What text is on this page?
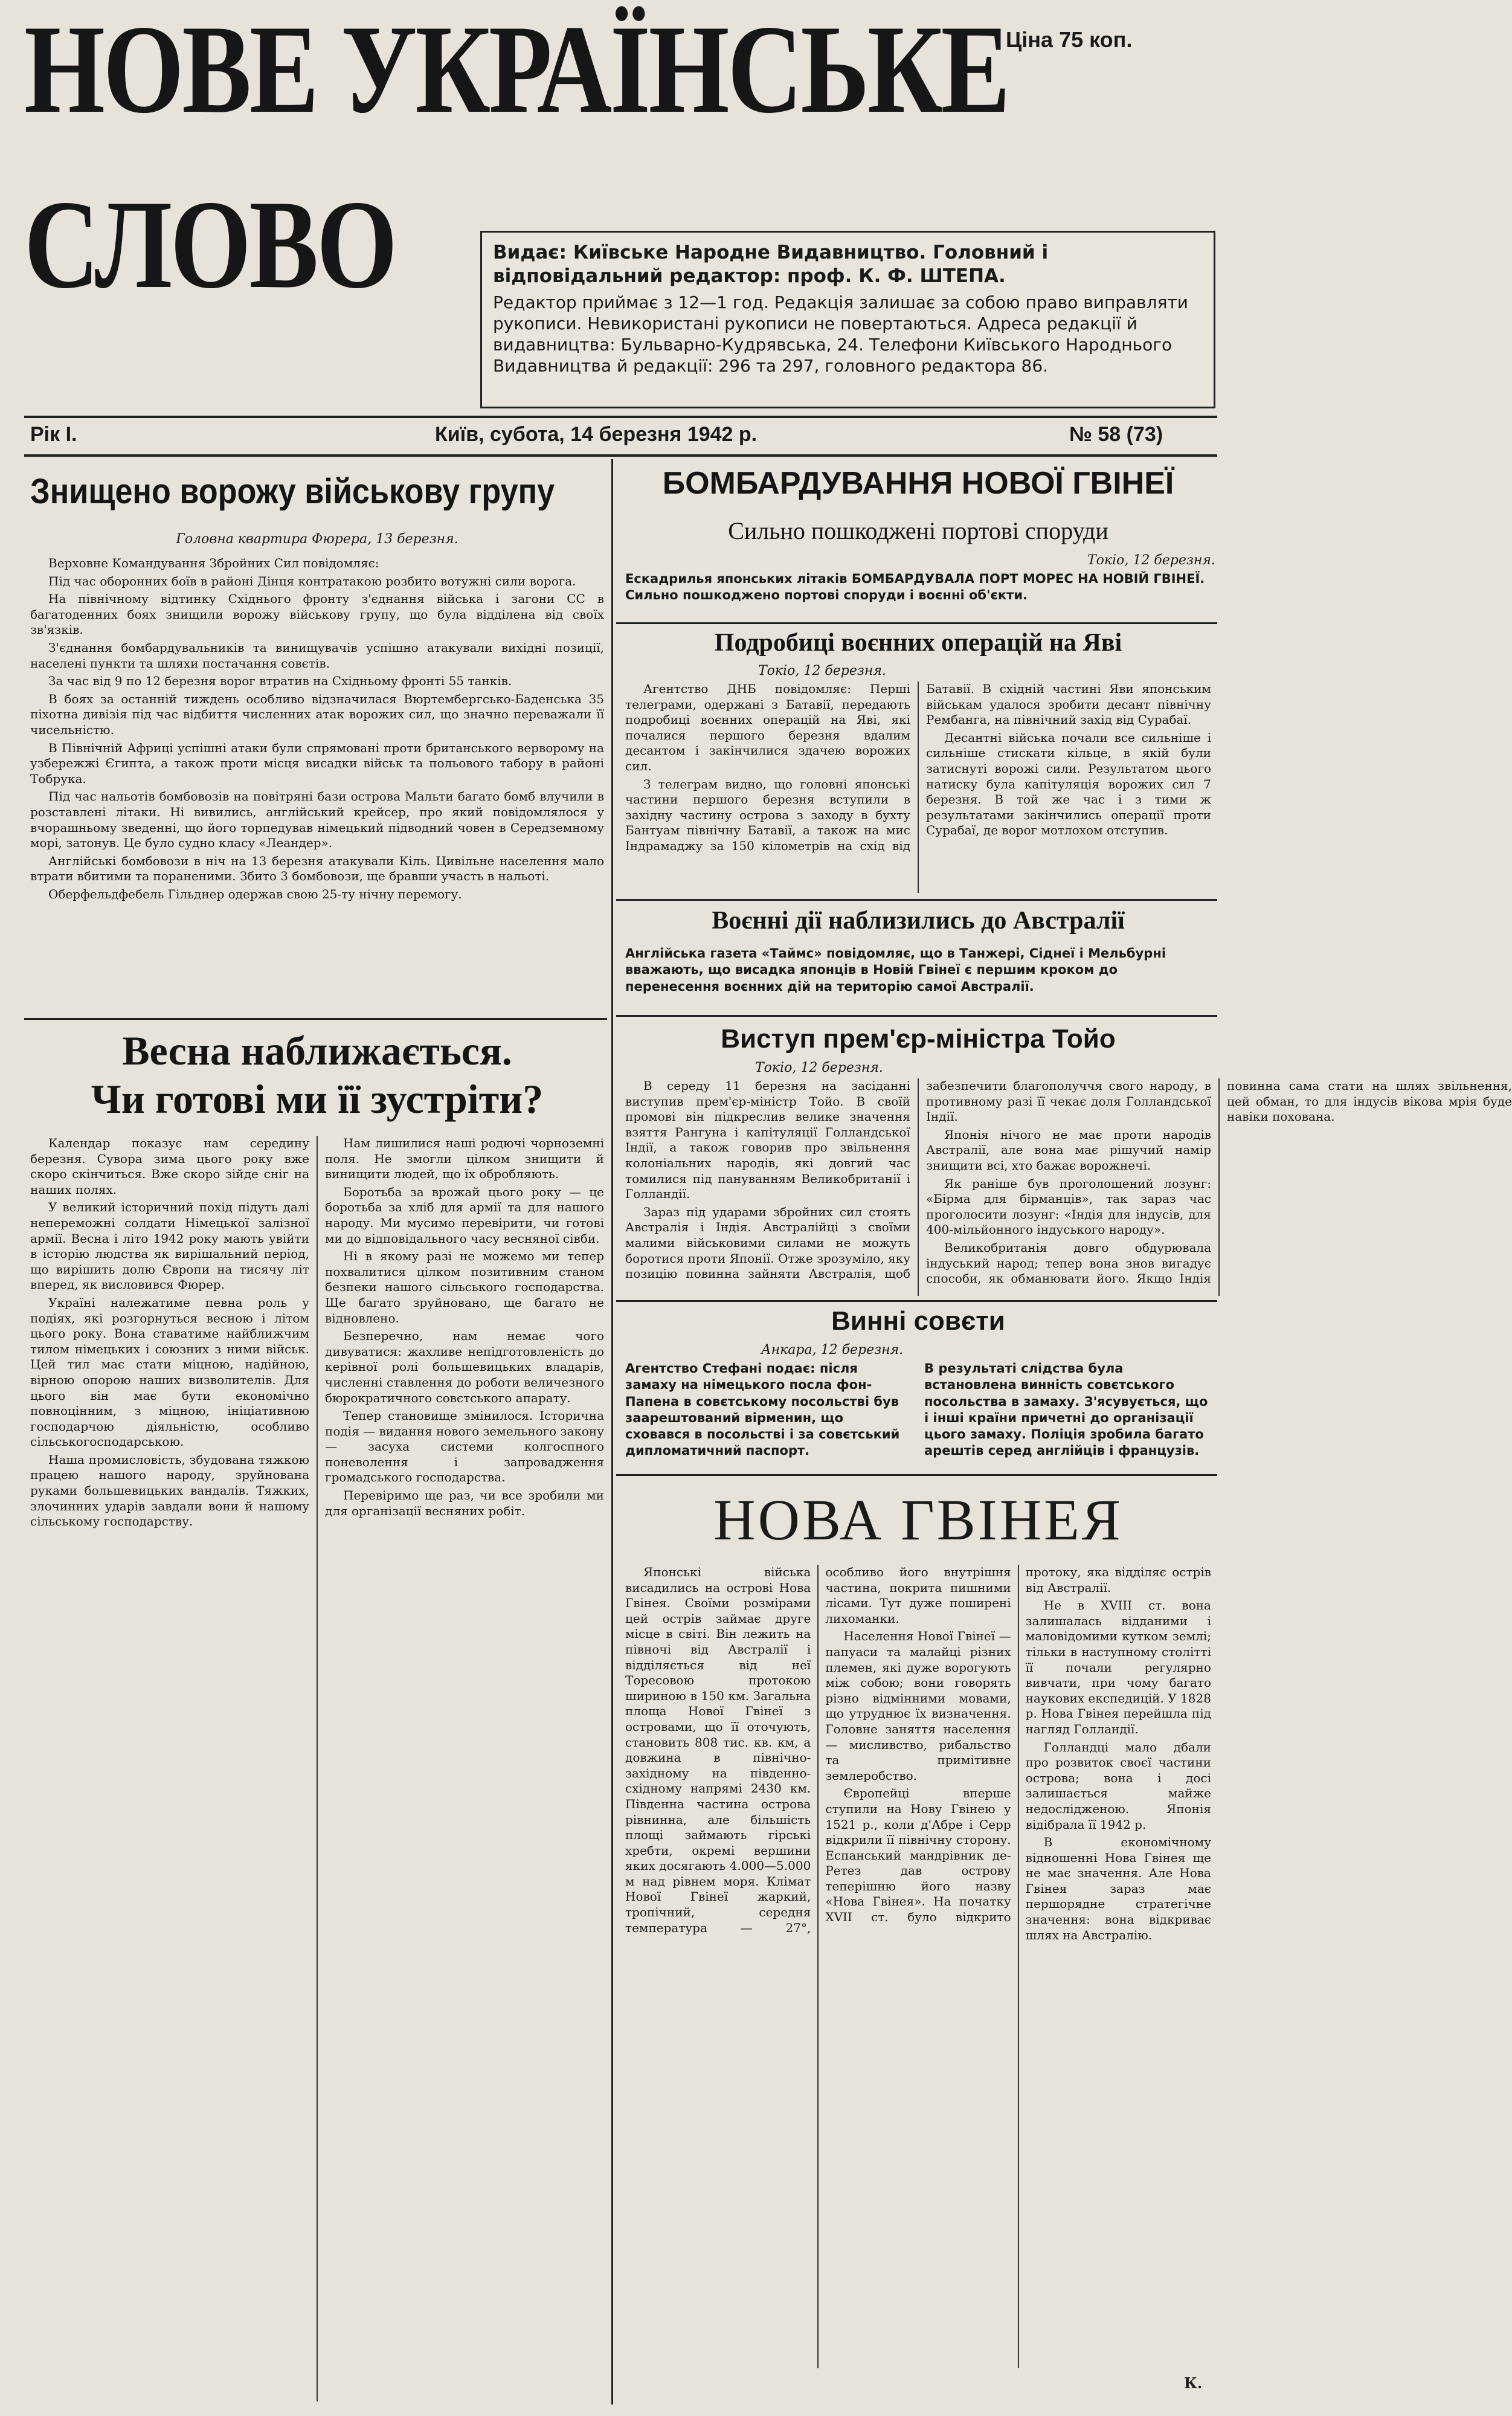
НОВЕ УКРАЇНСЬКЕ
СЛОВО
Ціна 75 коп.
Видає: Київське Народне Видавництво. Головний і відповідальний редактор: проф. К. Ф. ШТЕПА.
Редактор приймає з 12—1 год. Редакція залишає за собою право виправляти рукописи. Невикористані рукописи не повертаються. Адреса редакції й видавництва: Бульварно-Кудрявська, 24. Телефони Київського Народнього Видавництва й редакції: 296 та 297, головного редактора 86.
Рік І.	Київ, субота, 14 березня 1942 р.	№ 58 (73)
Знищено ворожу військову групу
Головна квартира Фюрера, 13 березня.

Верховне Командування Збройних Сил повідомляє:

Під час оборонних боїв в районі Дінця контратакою розбито вотужні сили ворога.

На північному відтинку Східнього фронту з'єднання війська і загони СС в багатоденних боях знищили ворожу військову групу, що була відділена від своїх зв'язків.

З'єднання бомбардувальників та винищувачів успішно атакували вихідні позиції, населені пункти та шляхи постачання совєтів.

За час від 9 по 12 березня ворог втратив на Східньому фронті 55 танків.

В боях за останній тиждень особливо відзначилася Вюртембергсько-Баденська 35 піхотна дивізія під час відбиття численних атак ворожих сил, що значно переважали її чисельністю.

В Північній Африці успішні атаки були спрямовані проти британського верворому на узбережжі Єгипта, а також проти місця висадки військ та польового табору в районі Тобрука.

Під час нальотів бомбовозів на повітряні бази острова Мальти багато бомб влучили в розставлені літаки. Ні вивились, англійський крейсер, про який повідомлялося у вчорашньому зведенні, що його торпедував німецький підводний човен в Середземному морі, затонув. Це було судно класу «Леандер».

Англійські бомбовози в ніч на 13 березня атакували Кіль. Цивільне населення мало втрати вбитими та пораненими. Збито 3 бомбовози, ще бравши участь в нальоті.

Оберфельдфебель Гільднер одержав свою 25-ту нічну перемогу.

Весна наближається.
Чи готові ми її зустріти?

Календар показує нам середину березня. Сувора зима цього року вже скоро скінчиться. Вже скоро зійде сніг на наших полях.

У великий історичний похід підуть далі непереможні солдати Німецької залізної армії. Весна і літо 1942 року мають увійти в історію людства як вирішальний період, що вирішить долю Європи на тисячу літ вперед, як висловився Фюрер.

Україні належатиме певна роль у подіях, які розгорнуться весною і літом цього року. Вона ставатиме найближчим тилом німецьких і союзних з ними військ. Цей тил має стати міцною, надійною, вірною опорою наших визволителів. Для цього він має бути економічно повноцінним, з міцною, ініціативною господарчою діяльністю, особливо сільськогосподарською.

Наша промисловість, збудована тяжкою працею нашого народу, зруйнована руками большевицьких вандалів. Тяжких, злочинних ударів завдали вони й нашому сільському господарству.

Нам лишилися наші родючі чорноземні поля. Не змогли цілком знищити й винищити людей, що їх обробляють.

Боротьба за врожай цього року — це боротьба за хліб для армії та для нашого народу. Ми мусимо перевірити, чи готові ми до відповідального часу весняної сівби.

Ні в якому разі не можемо ми тепер похвалитися цілком позитивним станом безпеки нашого сільського господарства. Ще багато зруйновано, ще багато не відновлено.

Безперечно, нам немає чого дивуватися: жахливе непідготовленість до керівної ролі большевицьких владарів, численні ставлення до роботи величезного бюрократичного совєтського апарату.

Тепер становище змінилося. Історична подія — видання нового земельного закону — засуха системи колгоспного поневолення і запровадження громадського господарства.

Перевіримо ще раз, чи все зробили ми для організації весняних робіт.

БОМБАРДУВАННЯ НОВОЇ ГВІНЕЇ
Сильно пошкоджені портові споруди
Токіо, 12 березня.
Ескадрилья японських літаків БОМБАРДУВАЛА ПОРТ МОРЕС НА НОВІЙ ГВІНЕЇ. Сильно пошкоджено портові споруди і воєнні об'єкти.
Подробиці воєнних операцій на Яві
Токіо, 12 березня.

Агентство ДНБ повідомляє: Перші телеграми, одержані з Батавії, передають подробиці воєнних операцій на Яві, які почалися першого березня вдалим десантом і закінчилися здачею ворожих сил.

З телеграм видно, що головні японські частини першого березня вступили в західну частину острова з заходу в бухту Бантуам північну Батавії, а також на мис Індрамаджу за 150 кілометрів на схід від Батавії. В східній частині Яви японським військам удалося зробити десант північну Рембанга, на північний захід від Сурабаї.

Десантні війська почали все сильніше і сильніше стискати кільце, в якій були затиснуті ворожі сили. Результатом цього натиску була капітуляція ворожих сил 7 березня. В той же час і з тими ж результатами закінчились операції проти Сурабаї, де ворог мотлохом отступив.

Воєнні дії наблизились до Австралії
Англійська газета «Таймс» повідомляє, що в Танжері, Сіднеї і Мельбурні вважають, що висадка японців в Новій Гвінеї є першим кроком до перенесення воєнних дій на територію самої Австралії.
Виступ прем'єр-міністра Тойо
Токіо, 12 березня.

В середу 11 березня на засіданні виступив прем'єр-міністр Тойо. В своїй промові він підкреслив велике значення взяття Рангуна і капітуляції Голландської Індії, а також говорив про звільнення колоніальних народів, які довгий час томилися під пануванням Великобританії і Голландії.

Зараз під ударами збройних сил стоять Австралія і Індія. Австралійці з своїми малими військовими силами не можуть боротися проти Японії. Отже зрозуміло, яку позицію повинна зайняти Австралія, щоб забезпечити благополуччя свого народу, в противному разі її чекає доля Голландської Індії.

Японія нічого не має проти народів Австралії, але вона має рішучий намір знищити всі, хто бажає ворожнечі.

Як раніше був проголошений лозунг: «Бірма для бірманців», так зараз час проголосити лозунг: «Індія для індусів, для 400-мільйонного індуського народу».

Великобританія довго обдурювала індуський народ; тепер вона знов вигадує способи, як обманювати його. Якщо Індія повинна сама стати на шлях звільнення, цей обман, то для індусів вікова мрія буде навіки похована.

Винні совєти
Анкара, 12 березня.
Агентство Стефані подає: після замаху на німецького посла фон-Папена в совєтському посольстві був заарештований вірменин, що сховався в посольстві і за совєтський дипломатичний паспорт.
В результаті слідства була встановлена винність совєтського посольства в замаху. З'ясувується, що і інші країни причетні до організації цього замаху. Поліція зробила багато арештів серед англійців і французів.
НОВА ГВІНЕЯ

Японські війська висадились на острові Нова Гвінея. Своїми розмірами цей острів займає друге місце в світі. Він лежить на півночі від Австралії і відділяється від неї Торесовою протокою шириною в 150 км. Загальна площа Нової Гвінеї з островами, що її оточують, становить 808 тис. кв. км, а довжина в північно-західному на південно-східному напрямі 2430 км. Південна частина острова рівнинна, але більшість площі займають гірські хребти, окремі вершини яких досягають 4.000—5.000 м над рівнем моря. Клімат Нової Гвінеї жаркий, тропічний, середня температура — 27°, особливо його внутрішня частина, покрита пишними лісами. Тут дуже поширені лихоманки.

Населення Нової Гвінеї — папуаси та малайці різних племен, які дуже ворогують між собою; вони говорять різно відмінними мовами, що утруднює їх визначення. Головне заняття населення — мисливство, рибальство та примітивне землеробство.

Європейці вперше ступили на Нову Гвінею у 1521 р., коли д'Абре і Серр відкрили її північну сторону. Еспанський мандрівник де-Ретез дав острову теперішню його назву «Нова Гвінея». На початку XVII ст. було відкрито протоку, яка відділяє острів від Австралії.

Не в XVIII ст. вона залишалась відданими і маловідомими кутком землі; тільки в наступному столітті її почали регулярно вивчати, при чому багато наукових експедицій. У 1828 р. Нова Гвінея перейшла під нагляд Голландії.

Голландці мало дбали про розвиток своєї частини острова; вона і досі залишається майже недослідженою. Японія відібрала її 1942 р.

В економічному відношенні Нова Гвінея ще не має значення. Але Нова Гвінея зараз має першорядне стратегічне значення: вона відкриває шлях на Австралію.

К.
